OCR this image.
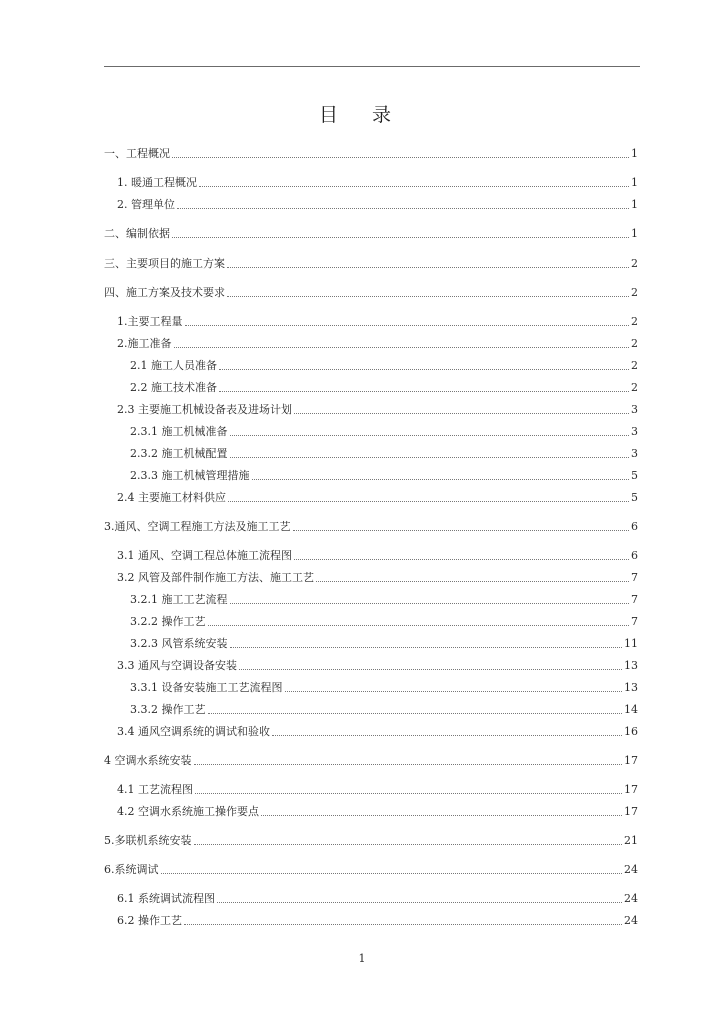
目 录
一、工程概况	1
1. 暖通工程概况	1
2. 管理单位	1
二、编制依据	1
三、主要项目的施工方案	2
四、施工方案及技术要求	2
1.主要工程量	2
2.施工准备	2
2.1 施工人员准备	2
2.2 施工技术准备	2
2.3 主要施工机械设备表及进场计划	3
2.3.1 施工机械准备	3
2.3.2 施工机械配置	3
2.3.3 施工机械管理措施	5
2.4 主要施工材料供应	5
3.通风、空调工程施工方法及施工工艺	6
3.1 通风、空调工程总体施工流程图	6
3.2 风管及部件制作施工方法、施工工艺	7
3.2.1 施工工艺流程	7
3.2.2 操作工艺	7
3.2.3 风管系统安装	11
3.3 通风与空调设备安装	13
3.3.1 设备安装施工工艺流程图	13
3.3.2 操作工艺	14
3.4 通风空调系统的调试和验收	16
4 空调水系统安装	17
4.1 工艺流程图	17
4.2 空调水系统施工操作要点	17
5.多联机系统安装	21
6.系统调试	24
6.1 系统调试流程图	24
6.2 操作工艺	24
1
